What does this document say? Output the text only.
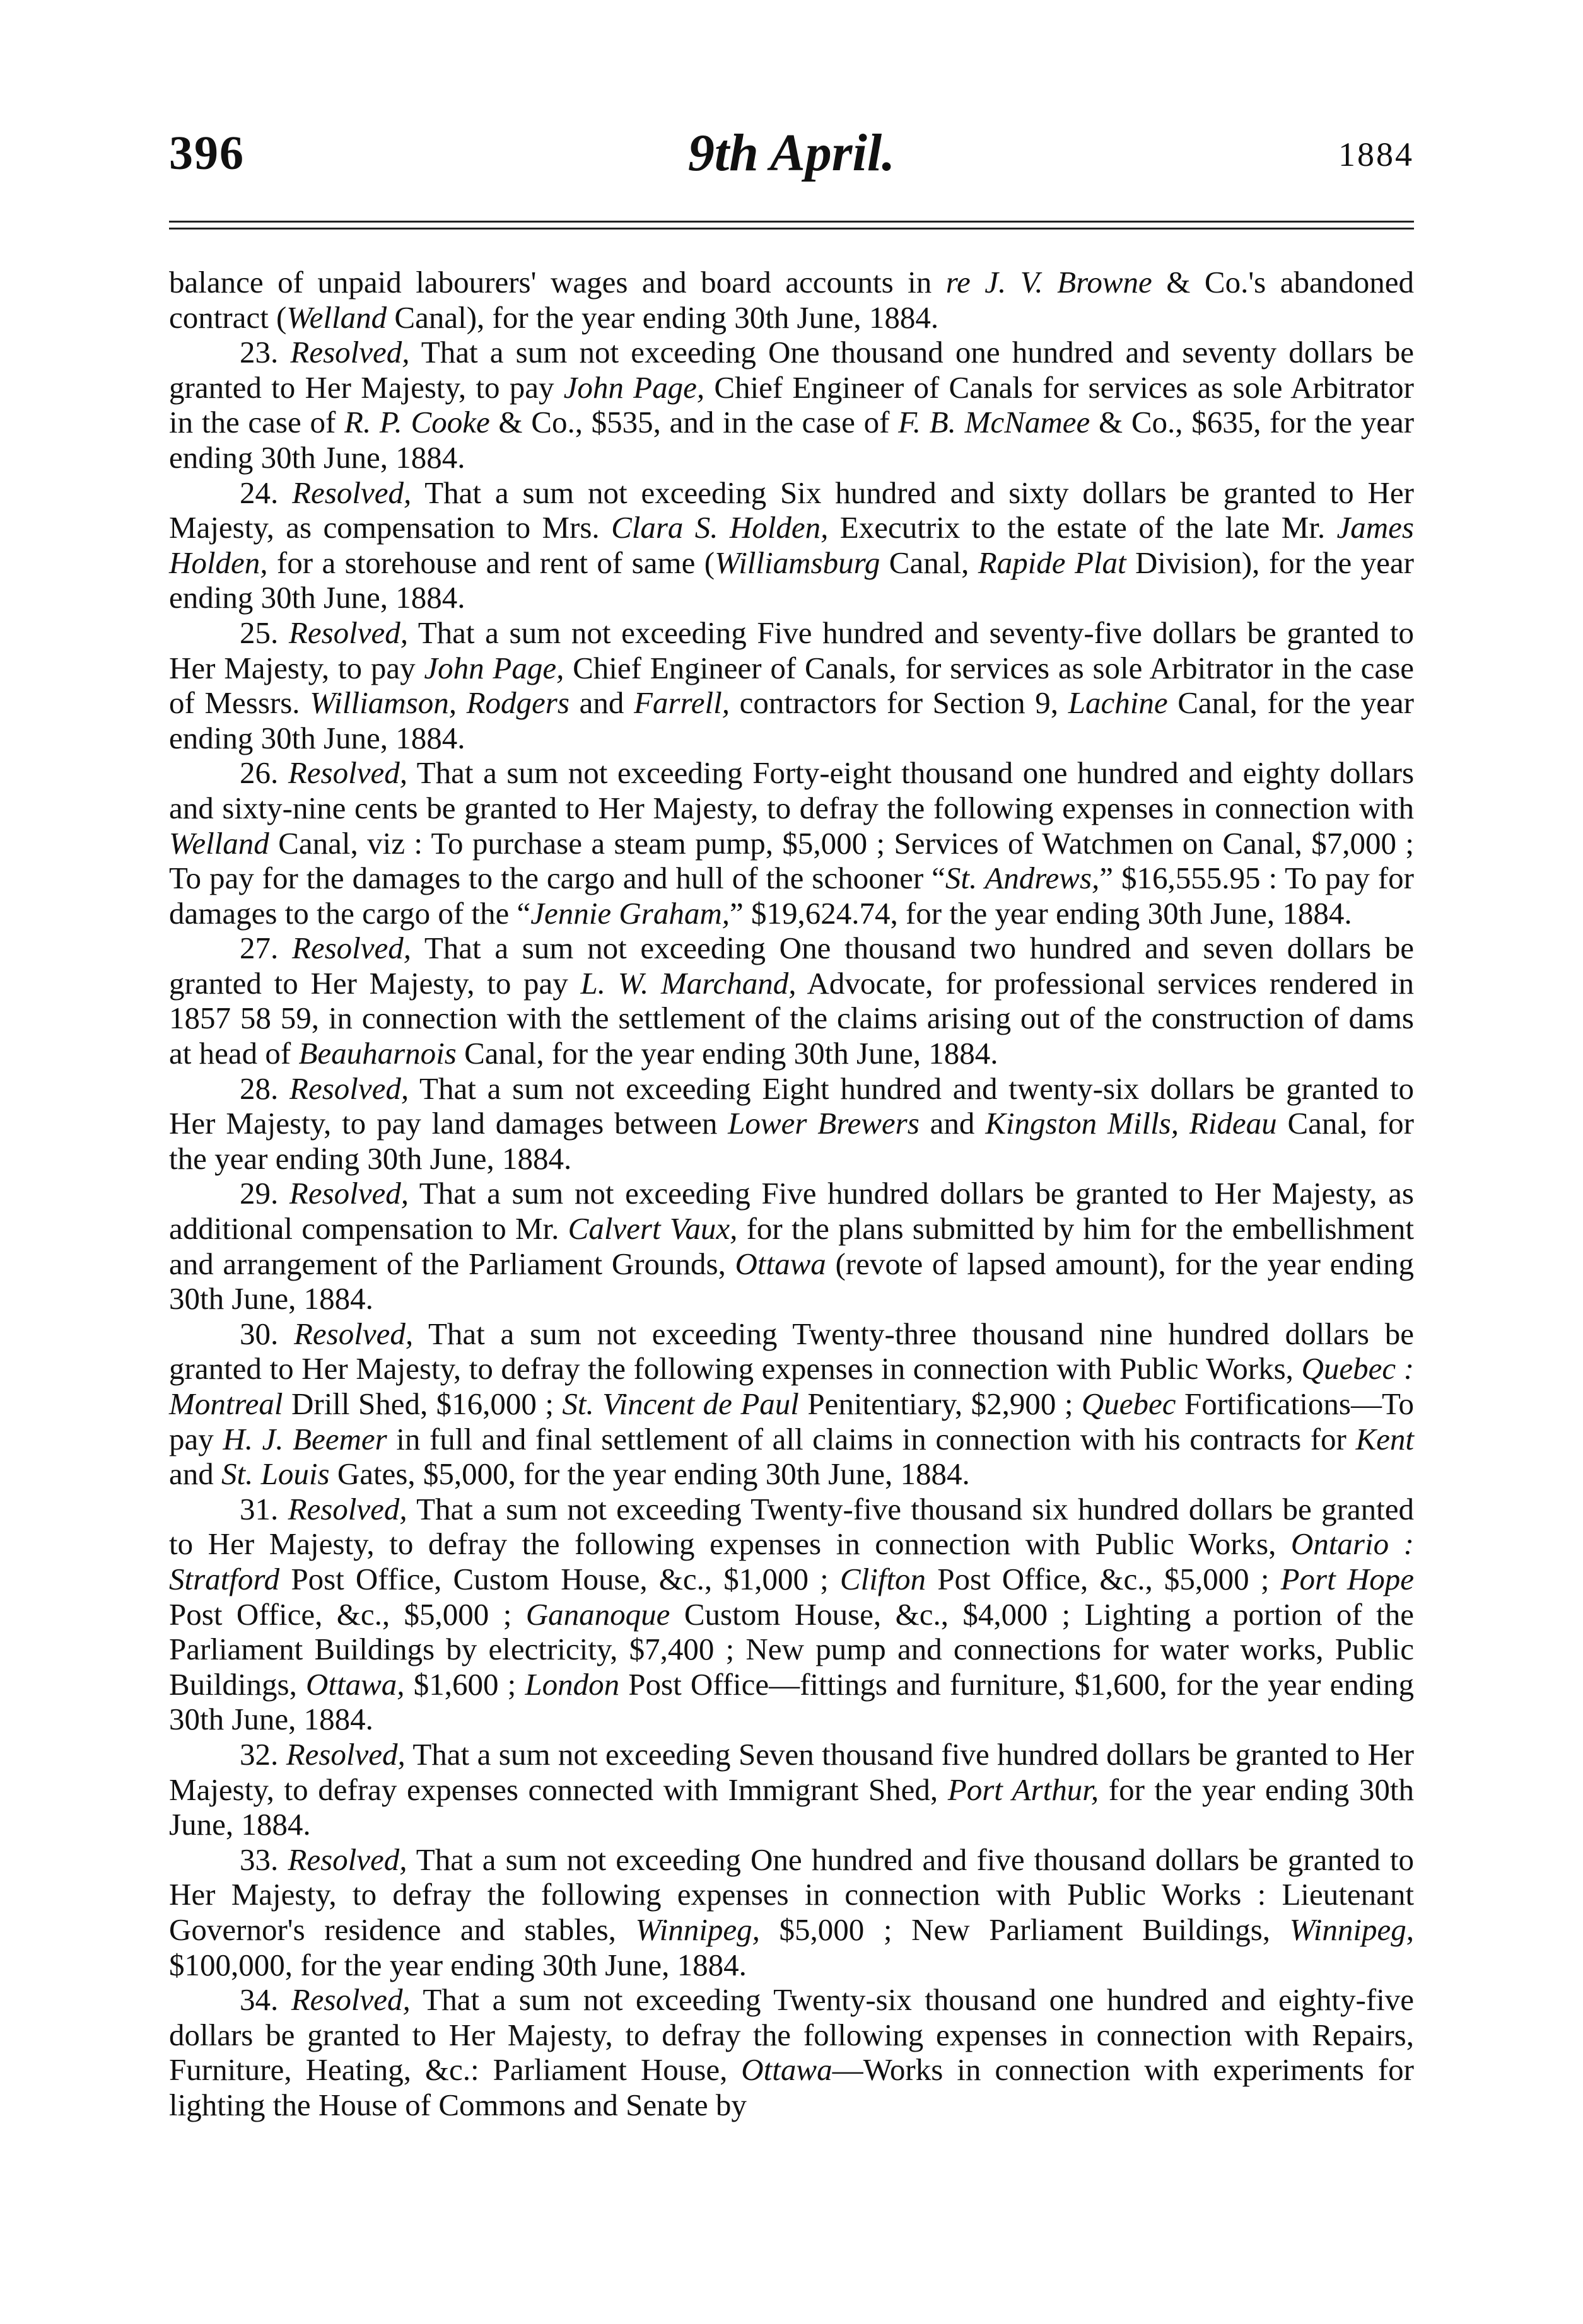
396	9th April.	1884

balance of unpaid labourers' wages and board accounts in re J. V. Browne & Co.'s abandoned contract (Welland Canal), for the year ending 30th June, 1884.

23. Resolved, That a sum not exceeding One thousand one hundred and seventy dollars be granted to Her Majesty, to pay John Page, Chief Engineer of Canals for services as sole Arbitrator in the case of R. P. Cooke & Co., $535, and in the case of F. B. McNamee & Co., $635, for the year ending 30th June, 1884.

24. Resolved, That a sum not exceeding Six hundred and sixty dollars be granted to Her Majesty, as compensation to Mrs. Clara S. Holden, Executrix to the estate of the late Mr. James Holden, for a storehouse and rent of same (Williamsburg Canal, Rapide Plat Division), for the year ending 30th June, 1884.

25. Resolved, That a sum not exceeding Five hundred and seventy-five dollars be granted to Her Majesty, to pay John Page, Chief Engineer of Canals, for services as sole Arbitrator in the case of Messrs. Williamson, Rodgers and Farrell, contractors for Section 9, Lachine Canal, for the year ending 30th June, 1884.

26. Resolved, That a sum not exceeding Forty-eight thousand one hundred and eighty dollars and sixty-nine cents be granted to Her Majesty, to defray the following expenses in connection with Welland Canal, viz : To purchase a steam pump, $5,000 ; Services of Watchmen on Canal, $7,000 ; To pay for the damages to the cargo and hull of the schooner “St. Andrews,” $16,555.95 : To pay for damages to the cargo of the “Jennie Graham,” $19,624.74, for the year ending 30th June, 1884.

27. Resolved, That a sum not exceeding One thousand two hundred and seven dollars be granted to Her Majesty, to pay L. W. Marchand, Advocate, for professional services rendered in 1857 58 59, in connection with the settlement of the claims arising out of the construction of dams at head of Beauharnois Canal, for the year ending 30th June, 1884.

28. Resolved, That a sum not exceeding Eight hundred and twenty-six dollars be granted to Her Majesty, to pay land damages between Lower Brewers and Kingston Mills, Rideau Canal, for the year ending 30th June, 1884.

29. Resolved, That a sum not exceeding Five hundred dollars be granted to Her Majesty, as additional compensation to Mr. Calvert Vaux, for the plans submitted by him for the embellishment and arrangement of the Parliament Grounds, Ottawa (revote of lapsed amount), for the year ending 30th June, 1884.

30. Resolved, That a sum not exceeding Twenty-three thousand nine hundred dollars be granted to Her Majesty, to defray the following expenses in connection with Public Works, Quebec : Montreal Drill Shed, $16,000 ; St. Vincent de Paul Penitentiary, $2,900 ; Quebec Fortifications—To pay H. J. Beemer in full and final settlement of all claims in connection with his contracts for Kent and St. Louis Gates, $5,000, for the year ending 30th June, 1884.

31. Resolved, That a sum not exceeding Twenty-five thousand six hundred dollars be granted to Her Majesty, to defray the following expenses in connection with Public Works, Ontario : Stratford Post Office, Custom House, &c., $1,000 ; Clifton Post Office, &c., $5,000 ; Port Hope Post Office, &c., $5,000 ; Gananoque Custom House, &c., $4,000 ; Lighting a portion of the Parliament Buildings by electricity, $7,400 ; New pump and connections for water works, Public Buildings, Ottawa, $1,600 ; London Post Office—fittings and furniture, $1,600, for the year ending 30th June, 1884.

32. Resolved, That a sum not exceeding Seven thousand five hundred dollars be granted to Her Majesty, to defray expenses connected with Immigrant Shed, Port Arthur, for the year ending 30th June, 1884.

33. Resolved, That a sum not exceeding One hundred and five thousand dollars be granted to Her Majesty, to defray the following expenses in connection with Public Works : Lieutenant Governor's residence and stables, Winnipeg, $5,000 ; New Parliament Buildings, Winnipeg, $100,000, for the year ending 30th June, 1884.

34. Resolved, That a sum not exceeding Twenty-six thousand one hundred and eighty-five dollars be granted to Her Majesty, to defray the following expenses in connection with Repairs, Furniture, Heating, &c.: Parliament House, Ottawa—Works in connection with experiments for lighting the House of Commons and Senate by
